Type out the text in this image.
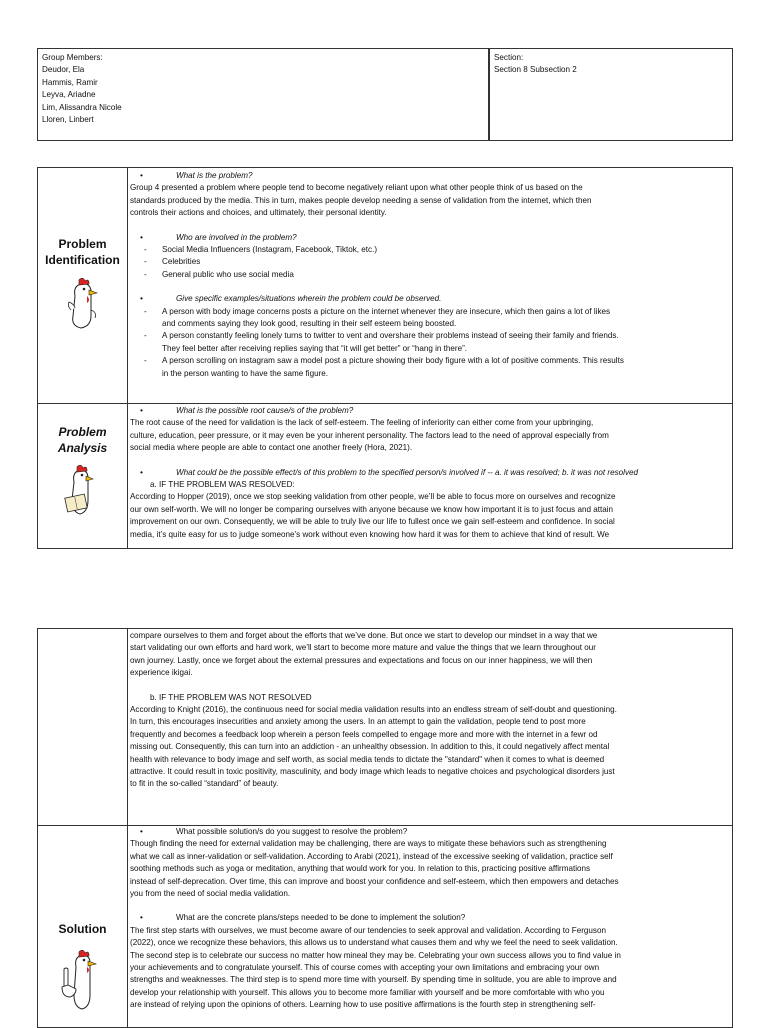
Group Members:
Deudor, Ela
Hammis, Ramir
Leyva, Ariadne
Lim, Alissandra Nicole
Lloren, Linbert
Section:
Section 8 Subsection 2
Problem
Identification
•	What is the problem?
Group 4 presented a problem where people tend to become negatively reliant upon what other people think of us based on the
standards produced by the media. This in turn, makes people develop needing a sense of validation from the internet, which then
controls their actions and choices, and ultimately, their personal identity.
•	Who are involved in the problem?
- Social Media Influencers (Instagram, Facebook, Tiktok, etc.)
- Celebrities
- General public who use social media
•	Give specific examples/situations wherein the problem could be observed.
- A person with body image concerns posts a picture on the internet whenever they are insecure, which then gains a lot of likes
and comments saying they look good, resulting in their self esteem being boosted.
- A person constantly feeling lonely turns to twitter to vent and overshare their problems instead of seeing their family and friends.
They feel better after receiving replies saying that “it will get better” or “hang in there”.
- A person scrolling on instagram saw a model post a picture showing their body figure with a lot of positive comments. This results
in the person wanting to have the same figure.
Problem
Analysis
•	What is the possible root cause/s of the problem?
The root cause of the need for validation is the lack of self-esteem. The feeling of inferiority can either come from your upbringing,
culture, education, peer pressure, or it may even be your inherent personality. The factors lead to the need of approval especially from
social media where people are able to contact one another freely (Hora, 2021).
•	What could be the possible effect/s of this problem to the specified person/s involved if -- a. it was resolved; b. it was not resolved
a. IF THE PROBLEM WAS RESOLVED:
According to Hopper (2019), once we stop seeking validation from other people, we’ll be able to focus more on ourselves and recognize
our own self-worth. We will no longer be comparing ourselves with anyone because we know how important it is to just focus and attain
improvement on our own. Consequently, we will be able to truly live our life to fullest once we gain self-esteem and confidence. In social
media, it’s quite easy for us to judge someone’s work without even knowing how hard it was for them to achieve that kind of result. We
compare ourselves to them and forget about the efforts that we’ve done. But once we start to develop our mindset in a way that we
start validating our own efforts and hard work, we’ll start to become more mature and value the things that we learn throughout our
own journey. Lastly, once we forget about the external pressures and expectations and focus on our inner happiness, we will then
experience ikigai.
b. IF THE PROBLEM WAS NOT RESOLVED
According to Knight (2016), the continuous need for social media validation results into an endless stream of self-doubt and questioning.
In turn, this encourages insecurities and anxiety among the users. In an attempt to gain the validation, people tend to post more
frequently and becomes a feedback loop wherein a person feels compelled to engage more and more with the internet in a fewr od
missing out. Consequently, this can turn into an addiction - an unhealthy obsession. In addition to this, it could negatively affect mental
health with relevance to body image and self worth, as social media tends to dictate the "standard" when it comes to what is deemed
attractive. It could result in toxic positivity, masculinity, and body image which leads to negative choices and psychological disorders just
to fit in the so-called “standard” of beauty.
Solution
•	What possible solution/s do you suggest to resolve the problem?
Though finding the need for external validation may be challenging, there are ways to mitigate these behaviors such as strengthening
what we call as inner-validation or self-validation. According to Arabi (2021), instead of the excessive seeking of validation, practice self
soothing methods such as yoga or meditation, anything that would work for you. In relation to this, practicing positive affirmations
instead of self-deprecation. Over time, this can improve and boost your confidence and self-esteem, which then empowers and detaches
you from the need of social media validation.
•	What are the concrete plans/steps needed to be done to implement the solution?
The first step starts with ourselves, we must become aware of our tendencies to seek approval and validation. According to Ferguson
(2022), once we recognize these behaviors, this allows us to understand what causes them and why we feel the need to seek validation.
The second step is to celebrate our success no matter how mineal they may be. Celebrating your own success allows you to find value in
your achievements and to congratulate yourself. This of course comes with accepting your own limitations and embracing your own
strengths and weaknesses. The third step is to spend more time with yourself. By spending time in solitude, you are able to improve and
develop your relationship with yourself. This allows you to become more familiar with yourself and be more comfortable with who you
are instead of relying upon the opinions of others. Learning how to use positive affirmations is the fourth step in strengthening self-
